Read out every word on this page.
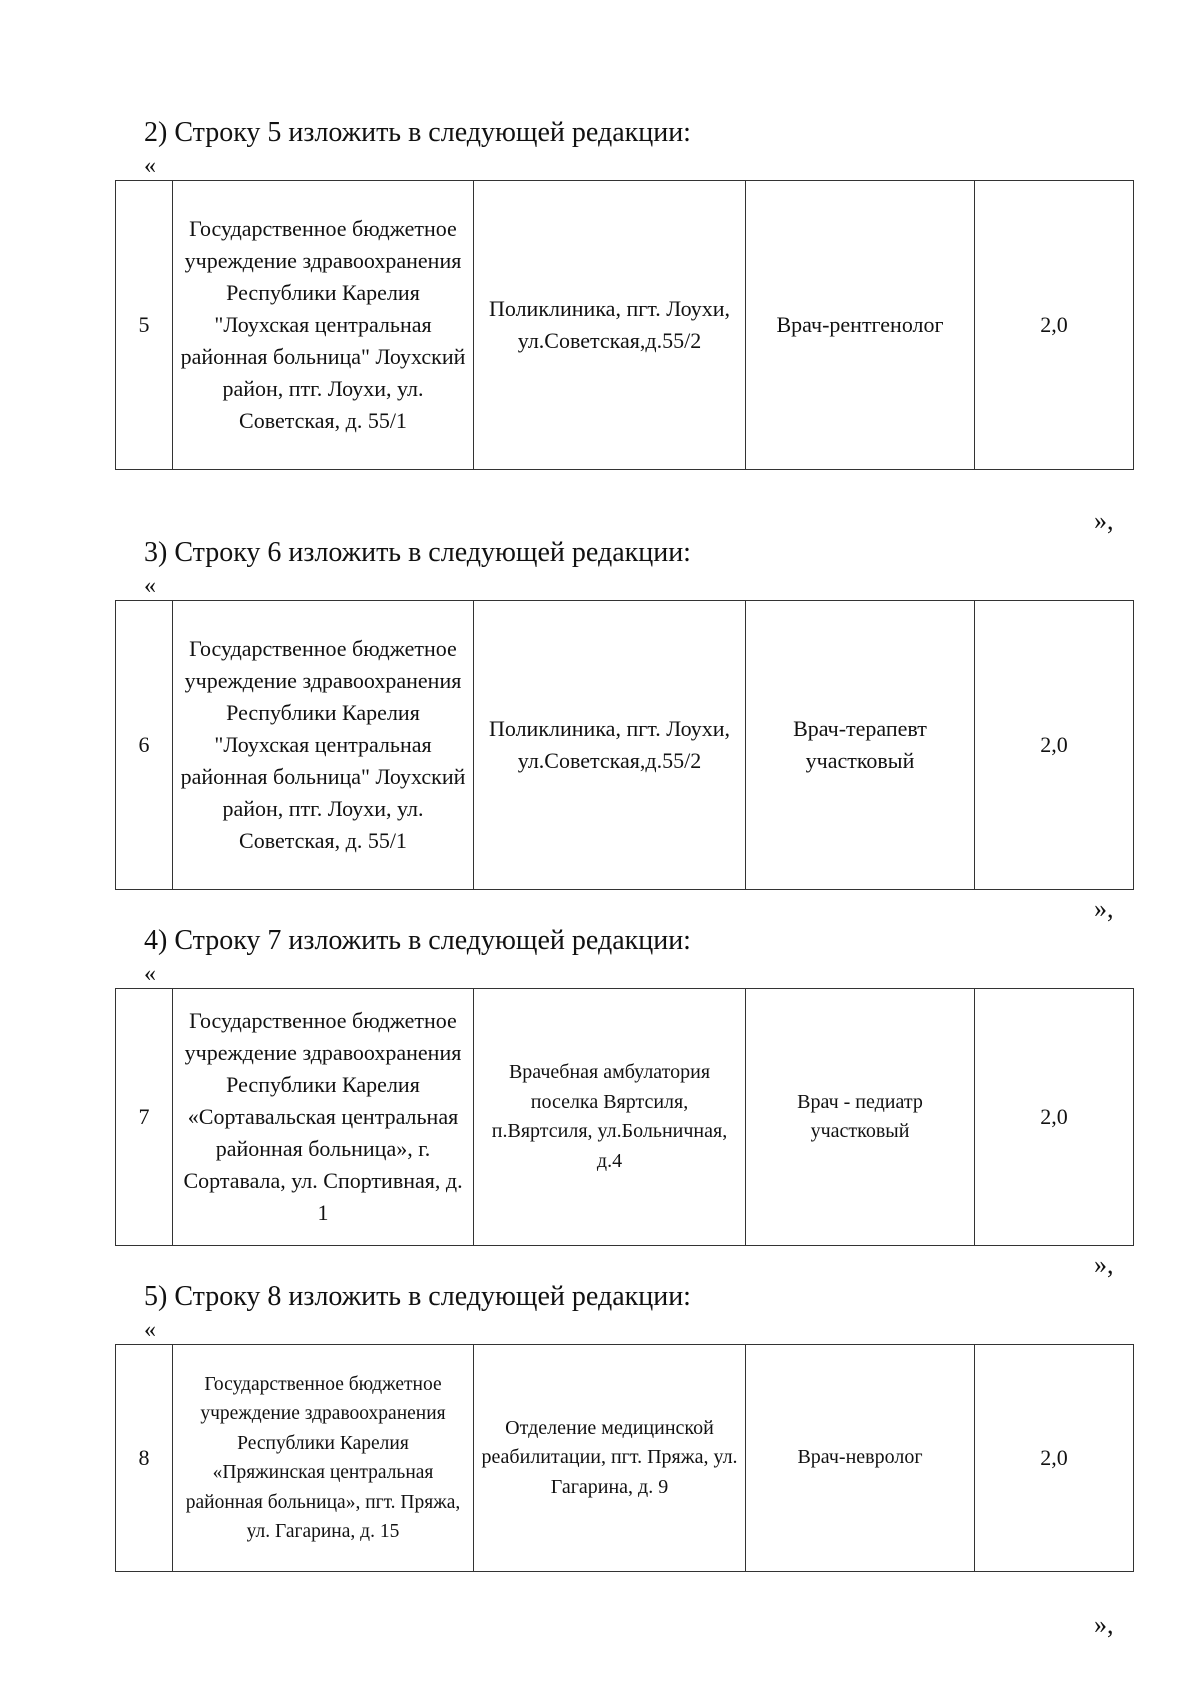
2) Строку 5 изложить в следующей редакции:
«
5	Государственное бюджетное учреждение здравоохранения Республики Карелия "Лоухская центральная районная больница" Лоухский район, птг. Лоухи, ул. Советская, д. 55/1	Поликлиника, пгт. Лоухи, ул.Советская,д.55/2	Врач-рентгенолог	2,0
»,
3) Строку 6 изложить в следующей редакции:
«
6	Государственное бюджетное учреждение здравоохранения Республики Карелия "Лоухская центральная районная больница" Лоухский район, птг. Лоухи, ул. Советская, д. 55/1	Поликлиника, пгт. Лоухи, ул.Советская,д.55/2	Врач-терапевт участковый	2,0
»,
4) Строку 7 изложить в следующей редакции:
«
7	Государственное бюджетное учреждение здравоохранения Республики Карелия «Сортавальская центральная районная больница», г. Сортавала, ул. Спортивная, д. 1	Врачебная амбулатория поселка Вяртсиля, п.Вяртсиля, ул.Больничная, д.4	Врач - педиатр участковый	2,0
»,
5) Строку 8 изложить в следующей редакции:
«
8	Государственное бюджетное учреждение здравоохранения Республики Карелия «Пряжинская центральная районная больница», пгт. Пряжа, ул. Гагарина, д. 15	Отделение медицинской реабилитации, пгт. Пряжа, ул. Гагарина, д. 9	Врач-невролог	2,0
»,
